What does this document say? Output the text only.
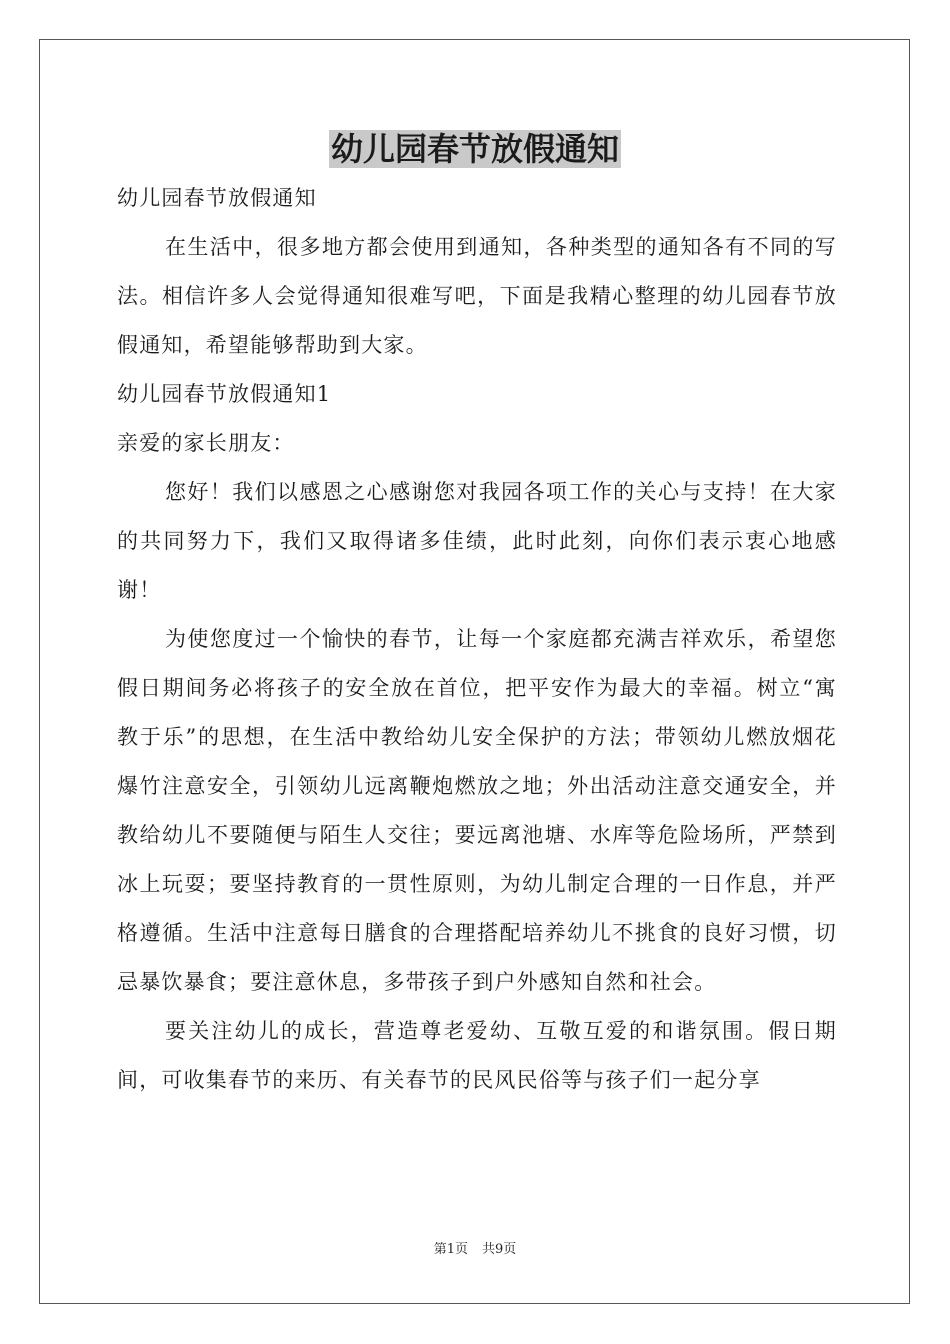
幼儿园春节放假通知

幼儿园春节放假通知

在生活中，很多地方都会使用到通知，各种类型的通知各有不同的写法。相信许多人会觉得通知很难写吧，下面是我精心整理的幼儿园春节放假通知，希望能够帮助到大家。

幼儿园春节放假通知1

亲爱的家长朋友：

您好！我们以感恩之心感谢您对我园各项工作的关心与支持！在大家的共同努力下，我们又取得诸多佳绩，此时此刻，向你们表示衷心地感谢！

为使您度过一个愉快的春节，让每一个家庭都充满吉祥欢乐，希望您假日期间务必将孩子的安全放在首位，把平安作为最大的幸福。树立“寓教于乐”的思想，在生活中教给幼儿安全保护的方法；带领幼儿燃放烟花爆竹注意安全，引领幼儿远离鞭炮燃放之地；外出活动注意交通安全，并教给幼儿不要随便与陌生人交往；要远离池塘、水库等危险场所，严禁到冰上玩耍；要坚持教育的一贯性原则，为幼儿制定合理的一日作息，并严格遵循。生活中注意每日膳食的合理搭配培养幼儿不挑食的良好习惯，切忌暴饮暴食；要注意休息，多带孩子到户外感知自然和社会。

要关注幼儿的成长，营造尊老爱幼、互敬互爱的和谐氛围。假日期间，可收集春节的来历、有关春节的民风民俗等与孩子们一起分享

第1页 共9页
